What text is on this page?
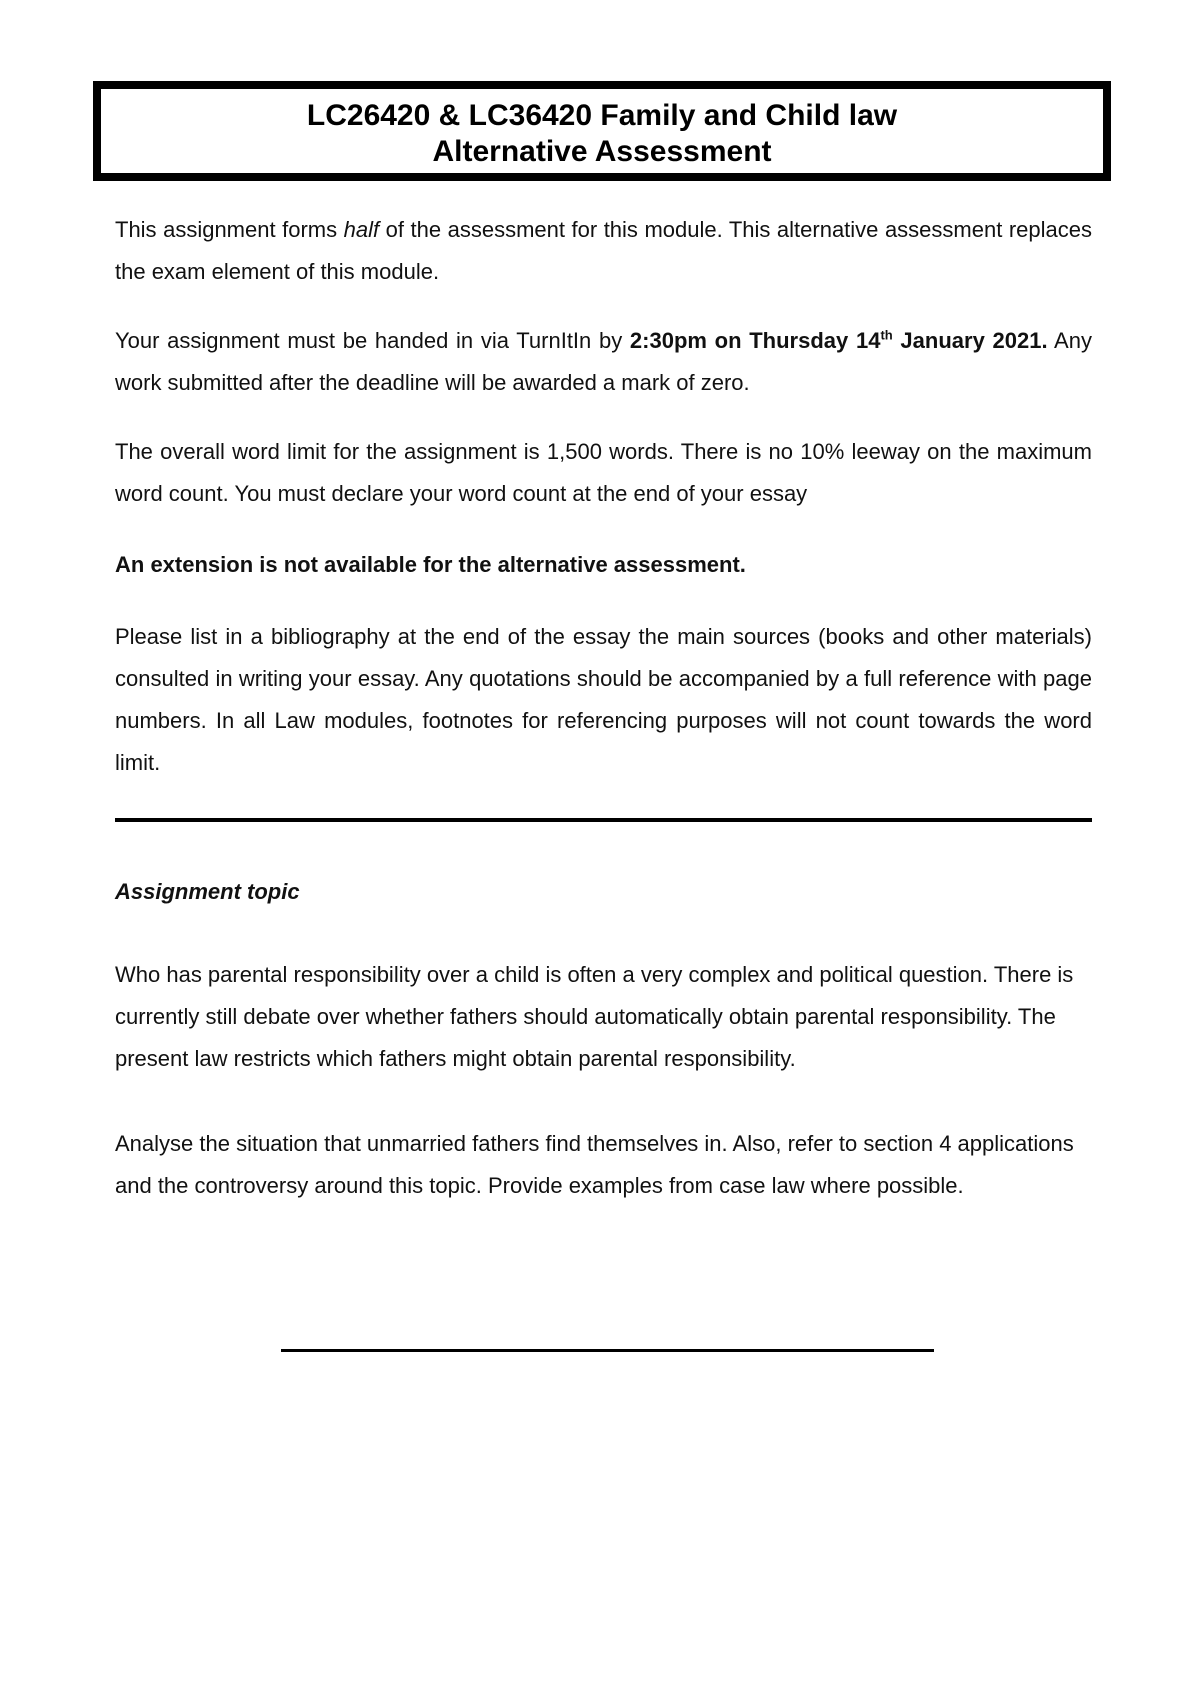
LC26420 & LC36420 Family and Child law
Alternative Assessment

This assignment forms half of the assessment for this module. This alternative assessment replaces the exam element of this module.

Your assignment must be handed in via TurnItIn by 2:30pm on Thursday 14th January 2021. Any work submitted after the deadline will be awarded a mark of zero.

The overall word limit for the assignment is 1,500 words. There is no 10% leeway on the maximum word count. You must declare your word count at the end of your essay

An extension is not available for the alternative assessment.

Please list in a bibliography at the end of the essay the main sources (books and other materials) consulted in writing your essay. Any quotations should be accompanied by a full reference with page numbers. In all Law modules, footnotes for referencing purposes will not count towards the word limit.

Assignment topic

Who has parental responsibility over a child is often a very complex and political question. There is currently still debate over whether fathers should automatically obtain parental responsibility. The present law restricts which fathers might obtain parental responsibility.

Analyse the situation that unmarried fathers find themselves in. Also, refer to section 4 applications and the controversy around this topic. Provide examples from case law where possible.
